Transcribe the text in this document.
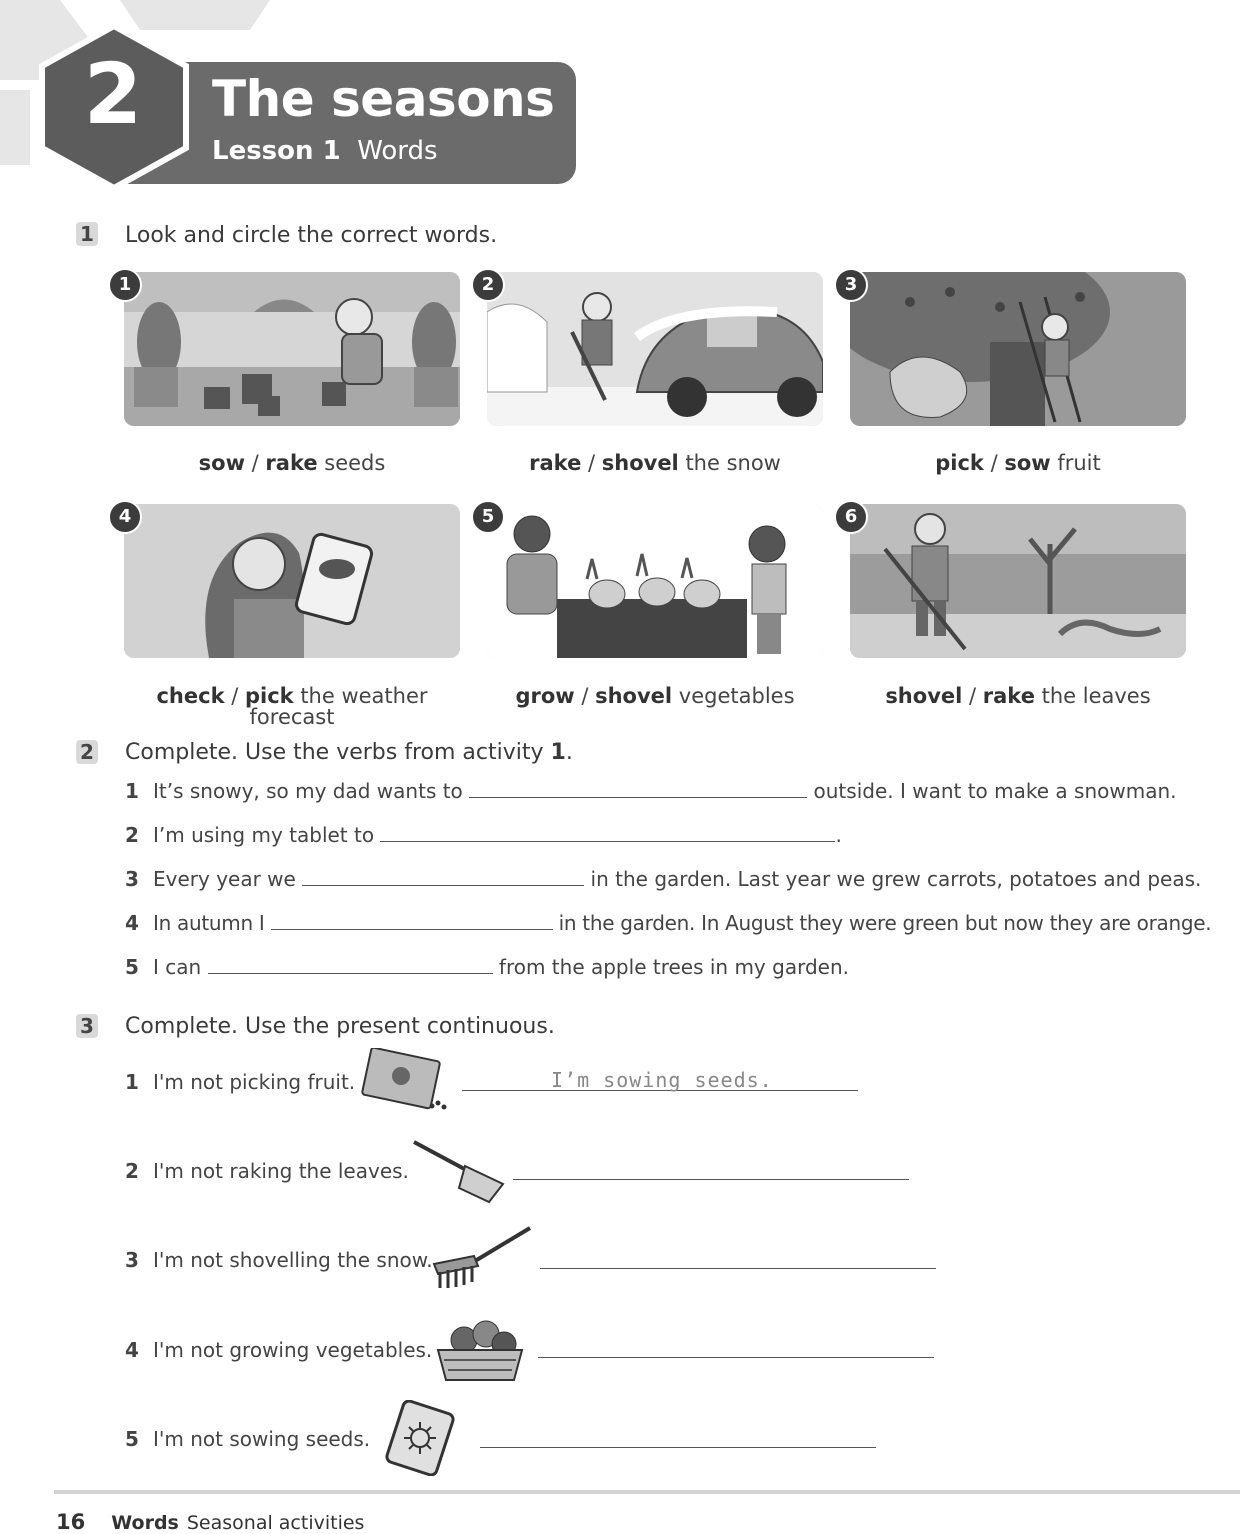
2 The seasons
Lesson 1 Words
1 Look and circle the correct words.
1
sow / rake seeds
2
rake / shovel the snow
3
pick / sow fruit
4
check / pick the weather forecast
5
grow / shovel vegetables
6
shovel / rake the leaves
2 Complete. Use the verbs from activity 1.
1 It’s snowy, so my dad wants to	outside. I want to make a snowman.
2 I’m using my tablet to	.
3 Every year we	in the garden. Last year we grew carrots, potatoes and peas.
4 In autumn I	in the garden. In August they were green but now they are orange.
5 I can	from the apple trees in my garden.
3 Complete. Use the present continuous.
1 I'm not picking fruit.	I’m sowing seeds.
2 I'm not raking the leaves.
3 I'm not shovelling the snow.
4 I'm not growing vegetables.
5 I'm not sowing seeds.
16 Words Seasonal activities
